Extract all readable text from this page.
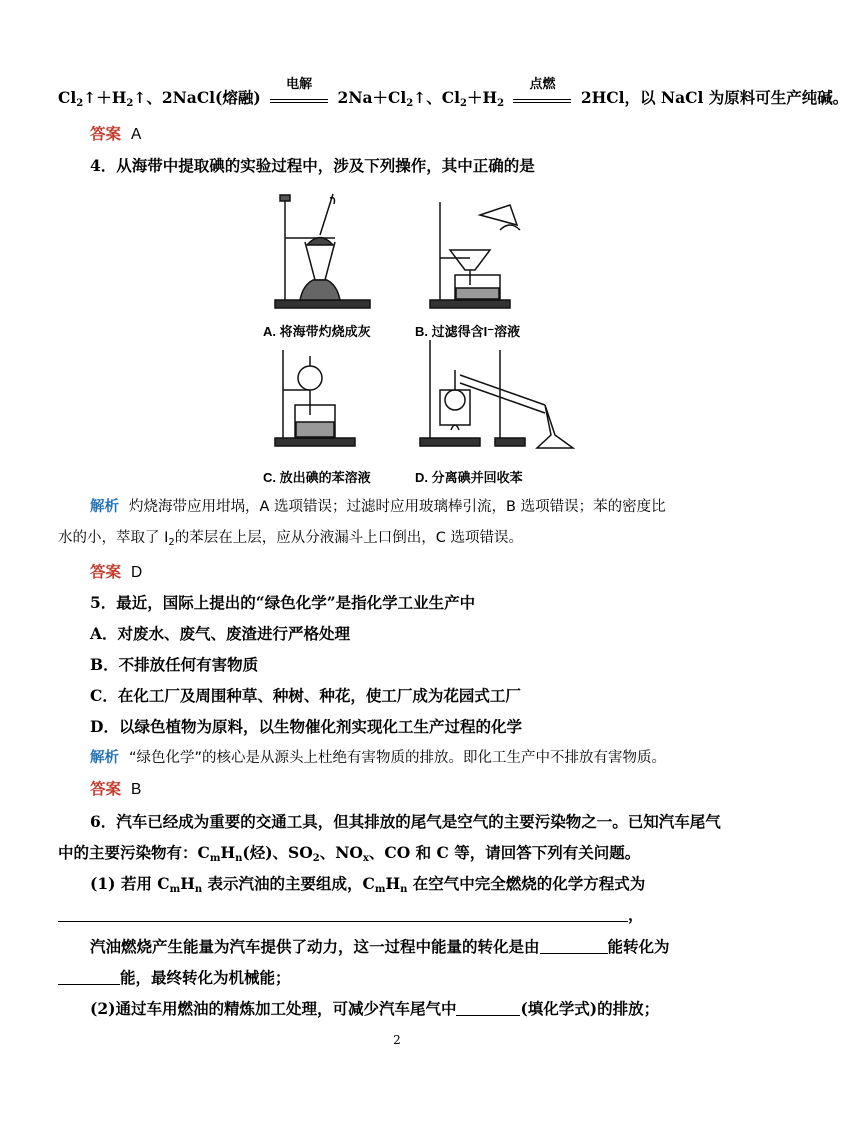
$Cl_2↑+H_2↑$、2NaCl(熔融)
电解
$2Na+Cl_2↑$、$Cl_2+H_2$
点燃
2HCl，以 NaCl 为原料可生产纯碱。
答案 A
4．从海带中提取碘的实验过程中，涉及下列操作，其中正确的是
A. 将海带灼烧成灰	B. 过滤得含I⁻溶液
C. 放出碘的苯溶液	D. 分离碘并回收苯
解析 灼烧海带应用坩埚，A 选项错误；过滤时应用玻璃棒引流，B 选项错误；苯的密度比
水的小，萃取了 $I_2$的苯层在上层，应从分液漏斗上口倒出，C 选项错误。
答案 D
5．最近，国际上提出的“绿色化学”是指化学工业生产中
A．对废水、废气、废渣进行严格处理
B．不排放任何有害物质
C．在化工厂及周围种草、种树、种花，使工厂成为花园式工厂
D．以绿色植物为原料，以生物催化剂实现化工生产过程的化学
解析 “绿色化学”的核心是从源头上杜绝有害物质的排放。即化工生产中不排放有害物质。
答案 B
6．汽车已经成为重要的交通工具，但其排放的尾气是空气的主要污染物之一。已知汽车尾气
中的主要污染物有：$C_mH_n$(烃)、$SO_2$、$NO_x$、CO 和 C 等，请回答下列有关问题。
(1) 若用 $C_mH_n$ 表示汽油的主要组成，$C_mH_n$ 在空气中完全燃烧的化学方程式为
，
汽油燃烧产生能量为汽车提供了动力，这一过程中能量的转化是由	能转化为
能，最终转化为机械能；
(2)通过车用燃油的精炼加工处理，可减少汽车尾气中	(填化学式)的排放；
2
